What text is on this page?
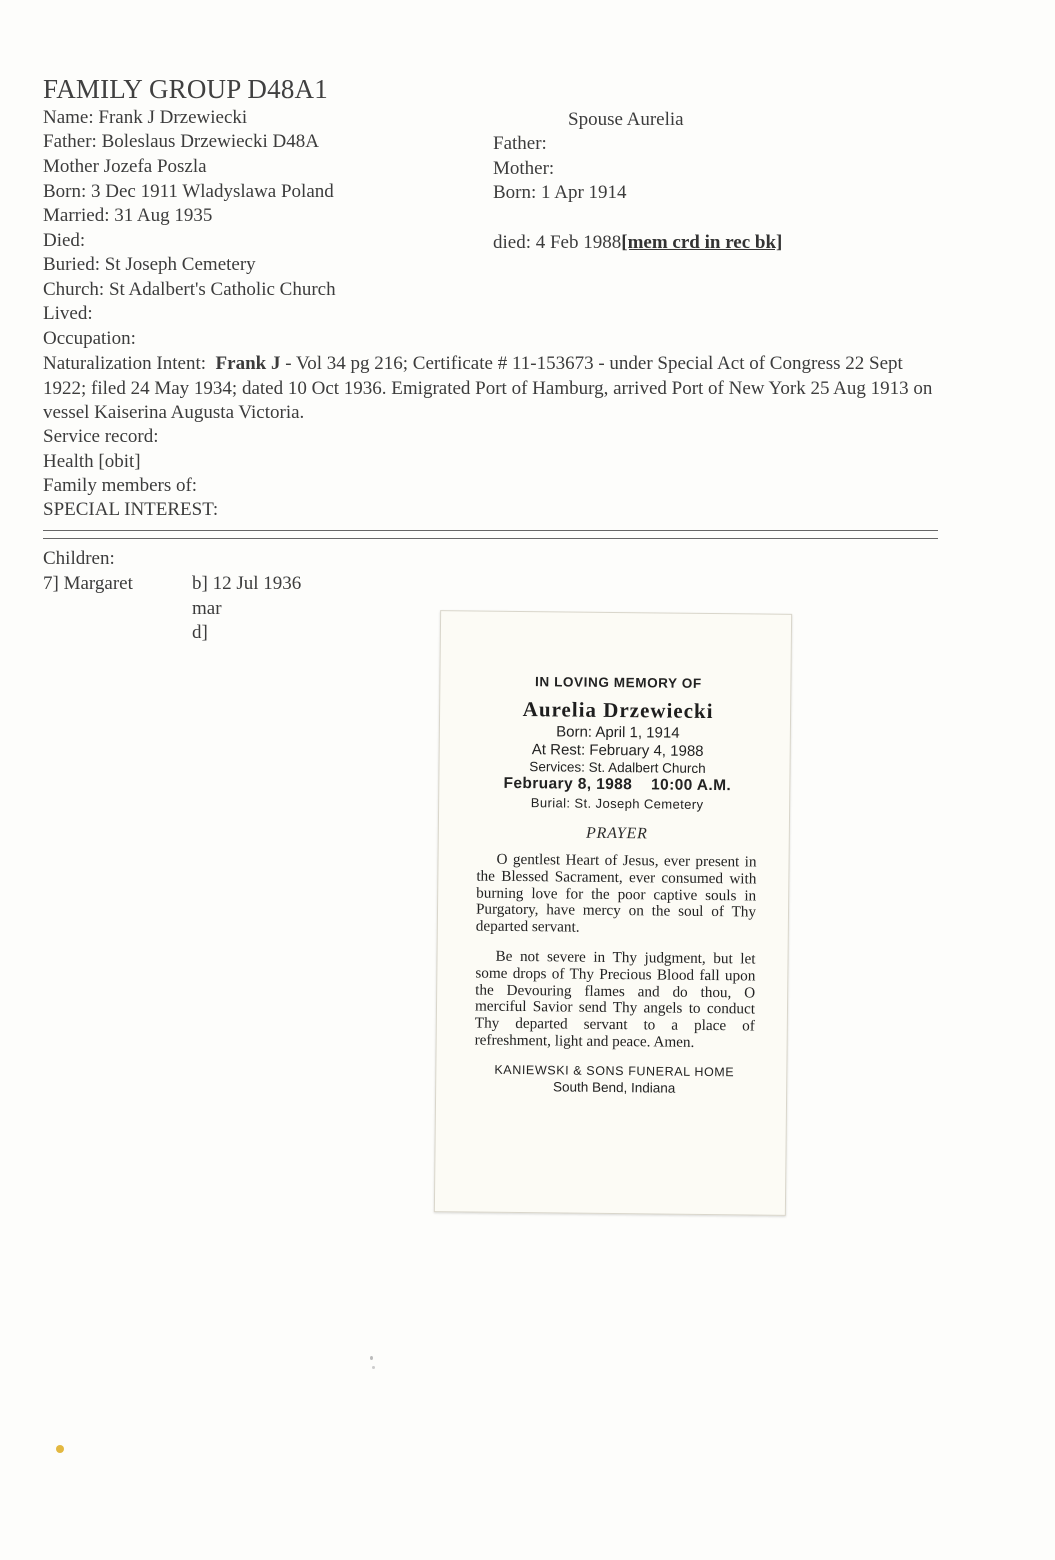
FAMILY GROUP D48A1
Name: Frank J Drzewiecki
Father: Boleslaus Drzewiecki D48A
Mother Jozefa Poszla
Born: 3 Dec 1911 Wladyslawa Poland
Married: 31 Aug 1935
Died:
Buried: St Joseph Cemetery
Church: St Adalbert's Catholic Church
Lived:
Occupation:
Spouse Aurelia
Father:
Mother:
Born: 1 Apr 1914
died: 4 Feb 1988[mem crd in rec bk]
Naturalization Intent: Frank J - Vol 34 pg 216; Certificate # 11-153673 - under Special Act of Congress 22 Sept 1922; filed 24 May 1934; dated 10 Oct 1936. Emigrated Port of Hamburg, arrived Port of New York 25 Aug 1913 on vessel Kaiserina Augusta Victoria.
Service record:
Health [obit]
Family members of:
SPECIAL INTEREST:
Children:
7] Margaret	b] 12 Jul 1936
mar
d]
IN LOVING MEMORY OF
Aurelia Drzewiecki
Born: April 1, 1914
At Rest: February 4, 1988
Services: St. Adalbert Church
February 8, 1988    10:00 A.M.
Burial: St. Joseph Cemetery
PRAYER

O gentlest Heart of Jesus, ever present in the Blessed Sacrament, ever consumed with burning love for the poor captive souls in Purgatory, have mercy on the soul of Thy departed servant.

Be not severe in Thy judgment, but let some drops of Thy Precious Blood fall upon the Devouring flames and do thou, O merciful Savior send Thy angels to conduct Thy departed servant to a place of refreshment, light and peace. Amen.

KANIEWSKI & SONS FUNERAL HOME
South Bend, Indiana
